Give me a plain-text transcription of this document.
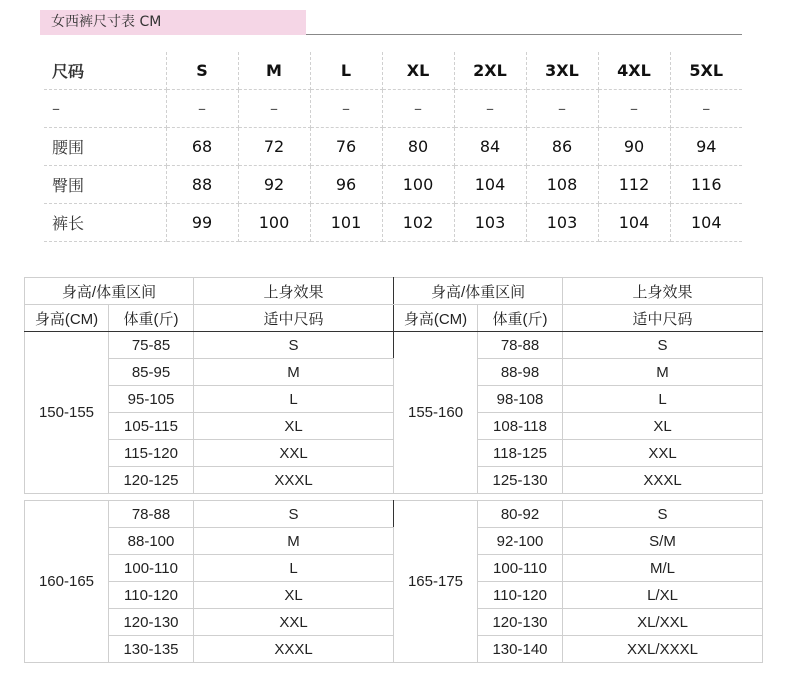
女西裤尺寸表 CM
尺码	S	M	L	XL	2XL	3XL	4XL	5XL
–	–	–	–	–	–	–	–	–
腰围	68	72	76	80	84	86	90	94
臀围	88	92	96	100	104	108	112	116
裤长	99	100	101	102	103	103	104	104
身高/体重区间		上身效果	身高/体重区间		上身效果
身高(CM)	体重(斤)	适中尺码	身高(CM)	体重(斤)	适中尺码
150-155	75-85	S	155-160	78-88	S
	85-95	M		88-98	M
	95-105	L		98-108	L
	105-115	XL		108-118	XL
	115-120	XXL		118-125	XXL
	120-125	XXXL		125-130	XXXL
160-165	78-88	S	165-175	80-92	S
	88-100	M		92-100	S/M
	100-110	L		100-110	M/L
	110-120	XL		110-120	L/XL
	120-130	XXL		120-130	XL/XXL
	130-135	XXXL		130-140	XXL/XXXL
